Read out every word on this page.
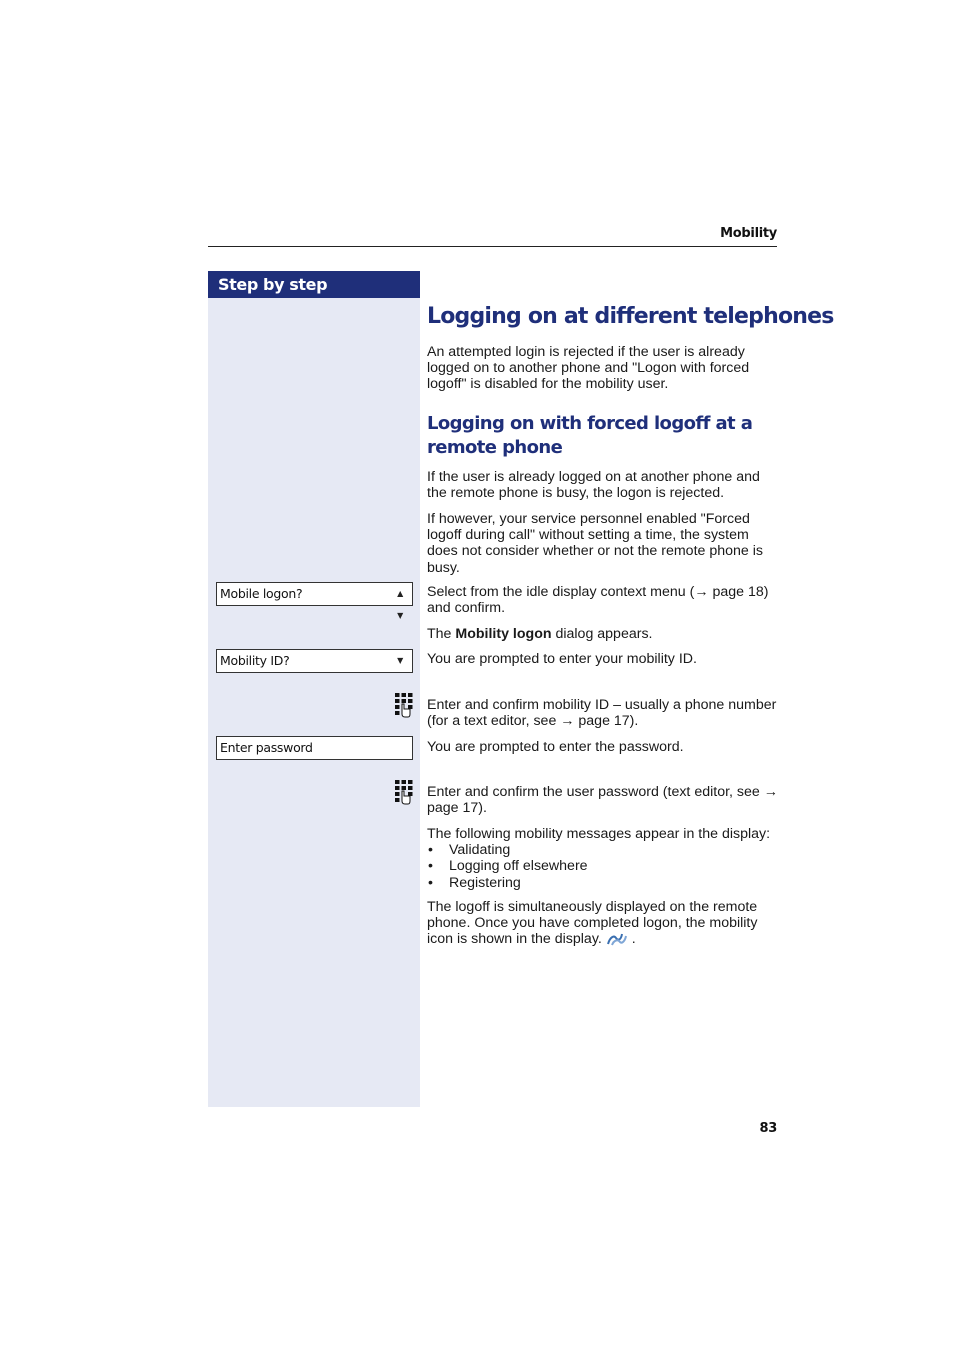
Mobility
Step by step
Mobile logon?	▲
▼
Mobility ID?	▼
Enter password
Logging on at different telephones

An attempted login is rejected if the user is already logged on to another phone and "Logon with forced logoff" is disabled for the mobility user.

Logging on with forced logoff at a remote phone

If the user is already logged on at another phone and the remote phone is busy, the logon is rejected.

If however, your service personnel enabled "Forced logoff during call" without setting a time, the system does not consider whether or not the remote phone is busy.

Select from the idle display context menu (→ page 18) and confirm.

The Mobility logon dialog appears.

You are prompted to enter your mobility ID.

Enter and confirm mobility ID – usually a phone number (for a text editor, see → page 17).

You are prompted to enter the password.

Enter and confirm the user password (text editor, see → page 17).

The following mobility messages appear in the display:
• Validating
• Logging off elsewhere
• Registering

The logoff is simultaneously displayed on the remote phone. Once you have completed logon, the mobility icon is shown in the display. .

83
